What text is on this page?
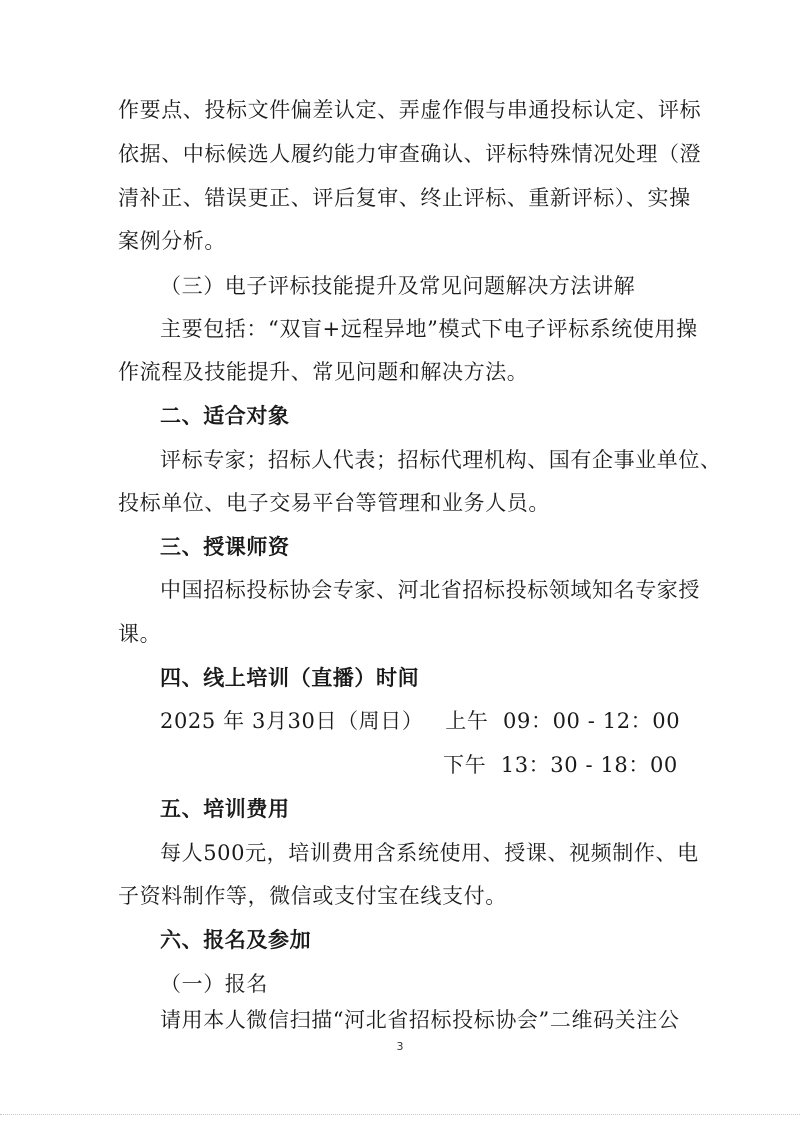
作要点、投标文件偏差认定、弄虚作假与串通投标认定、评标
依据、中标候选人履约能力审查确认、评标特殊情况处理（澄
清补正、错误更正、评后复审、终止评标、重新评标）、实操
案例分析。
（三）电子评标技能提升及常见问题解决方法讲解
主要包括：“双盲+远程异地”模式下电子评标系统使用操
作流程及技能提升、常见问题和解决方法。
二、适合对象
评标专家；招标人代表；招标代理机构、国有企事业单位、
投标单位、电子交易平台等管理和业务人员。
三、授课师资
中国招标投标协会专家、河北省招标投标领域知名专家授
课。
四、线上培训（直播）时间
2025 年 3月30日（周日）   上午  09：00 - 12：00
下午  13：30 - 18：00
五、培训费用
每人500元，培训费用含系统使用、授课、视频制作、电
子资料制作等，微信或支付宝在线支付。
六、报名及参加
（一）报名
请用本人微信扫描“河北省招标投标协会”二维码关注公
3
